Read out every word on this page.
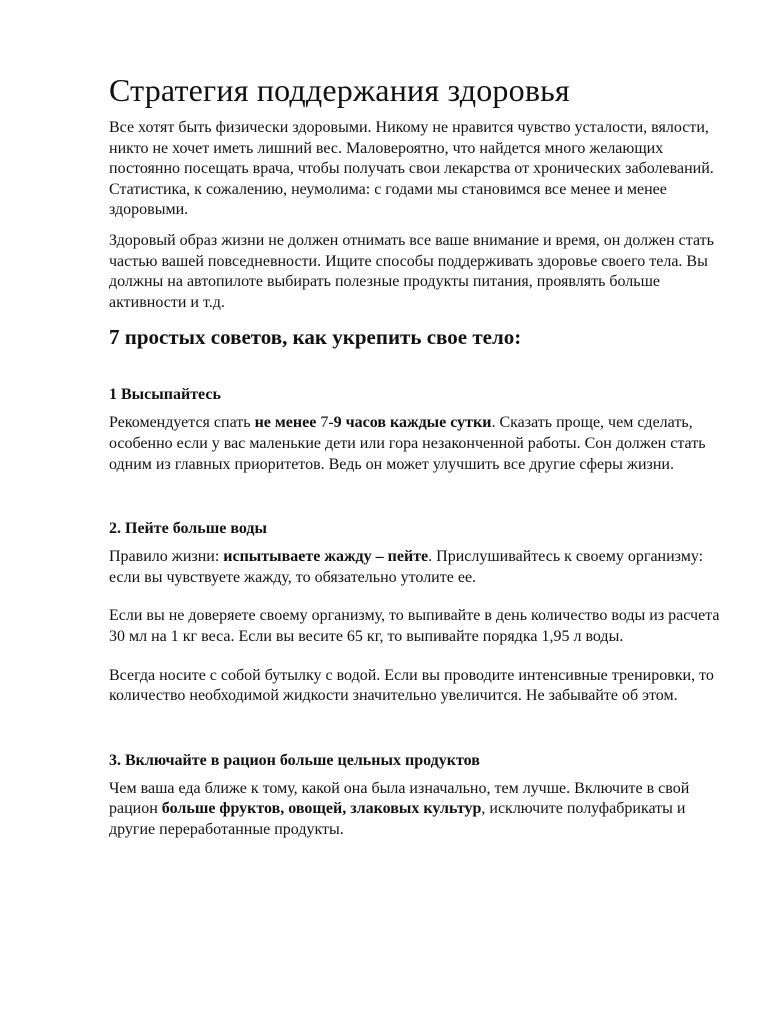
Стратегия поддержания здоровья

Все хотят быть физически здоровыми. Никому не нравится чувство усталости, вялости, никто не хочет иметь лишний вес. Маловероятно, что найдется много желающих постоянно посещать врача, чтобы получать свои лекарства от хронических заболеваний. Статистика, к сожалению, неумолима: с годами мы становимся все менее и менее здоровыми.

Здоровый образ жизни не должен отнимать все ваше внимание и время, он должен стать частью вашей повседневности. Ищите способы поддерживать здоровье своего тела. Вы должны на автопилоте выбирать полезные продукты питания, проявлять больше активности и т.д.

7 простых советов, как укрепить свое тело:
1 Высыпайтесь

Рекомендуется спать не менее 7-9 часов каждые сутки. Сказать проще, чем сделать, особенно если у вас маленькие дети или гора незаконченной работы. Сон должен стать одним из главных приоритетов. Ведь он может улучшить все другие сферы жизни.

2. Пейте больше воды

Правило жизни: испытываете жажду – пейте. Прислушивайтесь к своему организму: если вы чувствуете жажду, то обязательно утолите ее.

Если вы не доверяете своему организму, то выпивайте в день количество воды из расчета 30 мл на 1 кг веса. Если вы весите 65 кг, то выпивайте порядка 1,95 л воды.

Всегда носите с собой бутылку с водой. Если вы проводите интенсивные тренировки, то количество необходимой жидкости значительно увеличится. Не забывайте об этом.

3. Включайте в рацион больше цельных продуктов

Чем ваша еда ближе к тому, какой она была изначально, тем лучше. Включите в свой рацион больше фруктов, овощей, злаковых культур, исключите полуфабрикаты и другие переработанные продукты.
